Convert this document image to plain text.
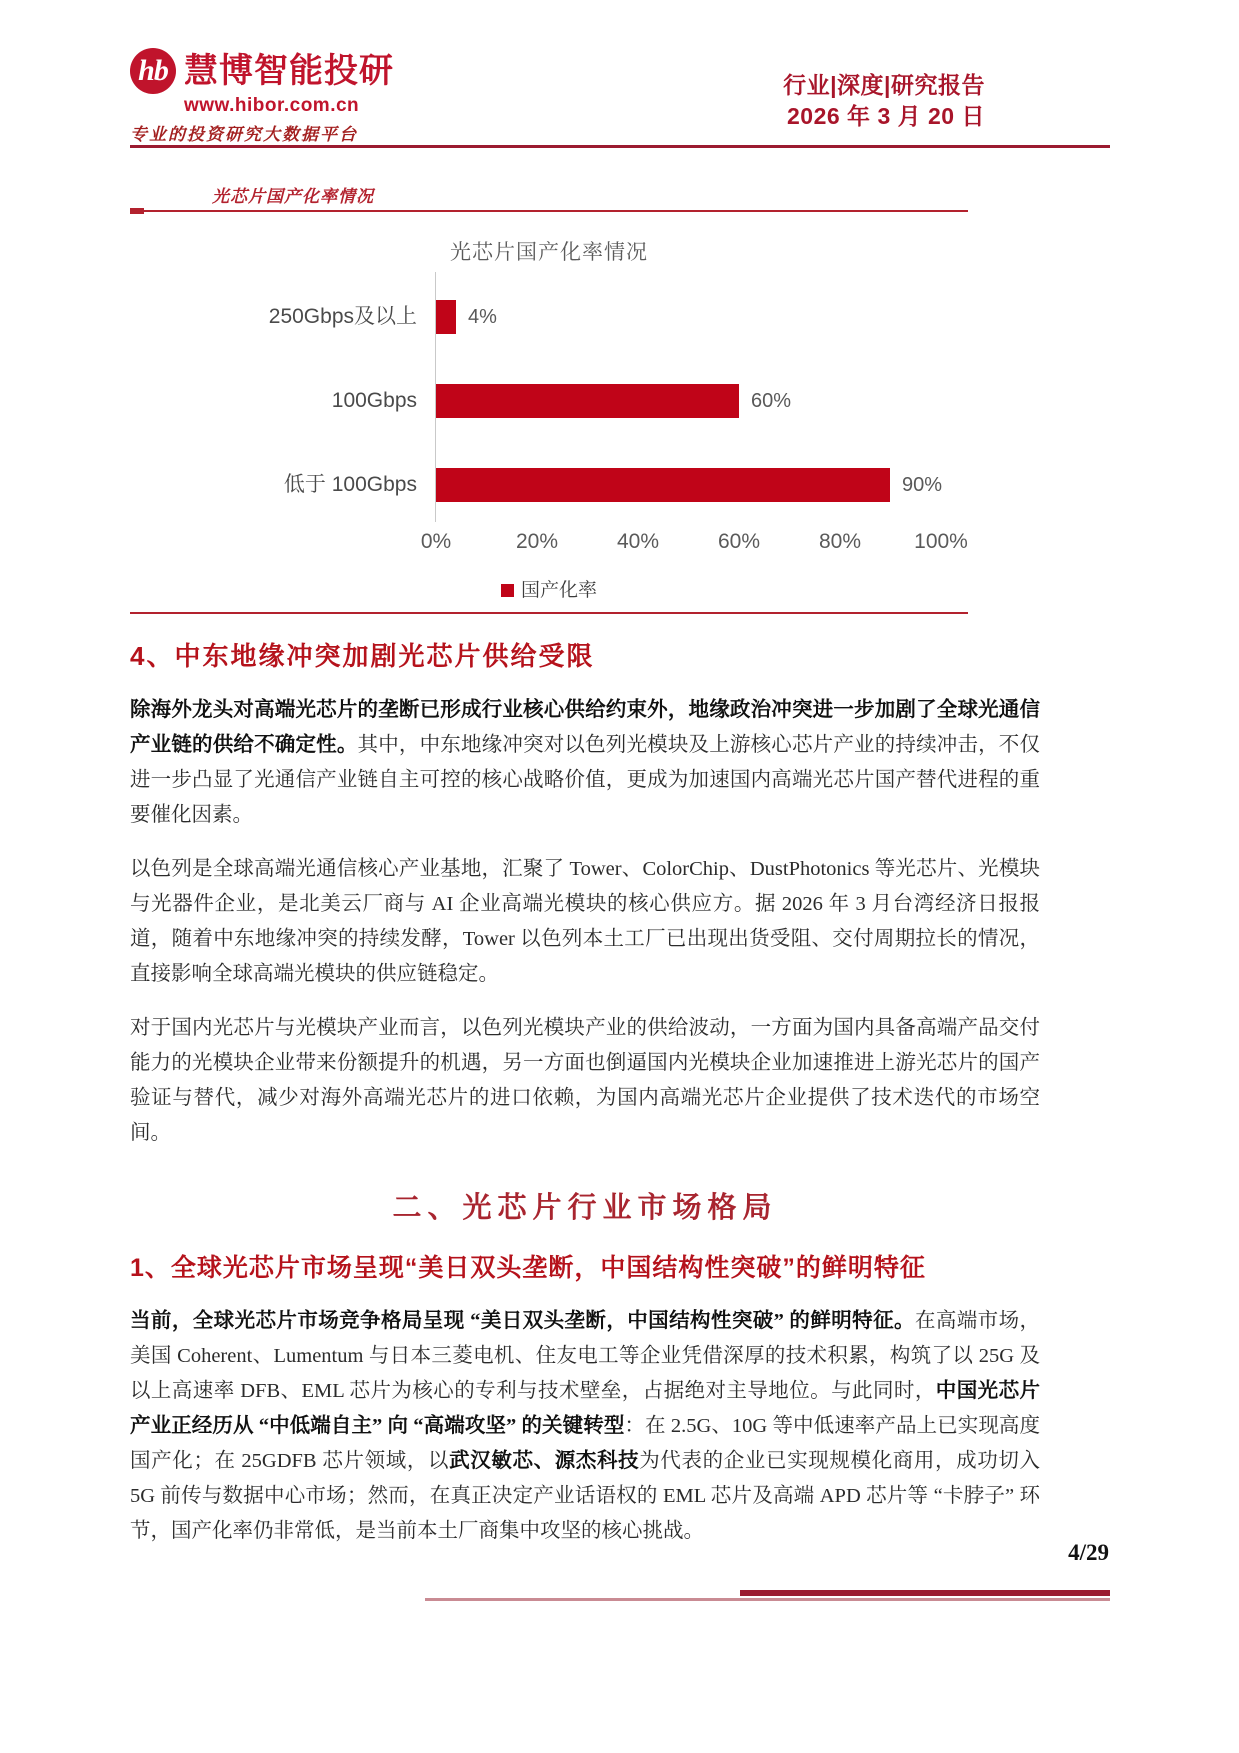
hb 慧博智能投研
www.hibor.com.cn
专业的投资研究大数据平台
行业|深度|研究报告
2026 年 3 月 20 日
光芯片国产化率情况
光芯片国产化率情况
250Gbps及以上	4%
100Gbps	60%
低于 100Gbps	90%
0%	20%	40%	60%	80%	100%
国产化率
4、中东地缘冲突加剧光芯片供给受限

除海外龙头对高端光芯片的垄断已形成行业核心供给约束外，地缘政治冲突进一步加剧了全球光通信产业链的供给不确定性。其中，中东地缘冲突对以色列光模块及上游核心芯片产业的持续冲击，不仅进一步凸显了光通信产业链自主可控的核心战略价值，更成为加速国内高端光芯片国产替代进程的重要催化因素。

以色列是全球高端光通信核心产业基地，汇聚了 Tower、ColorChip、DustPhotonics 等光芯片、光模块与光器件企业，是北美云厂商与 AI 企业高端光模块的核心供应方。据 2026 年 3 月台湾经济日报报道，随着中东地缘冲突的持续发酵，Tower 以色列本土工厂已出现出货受阻、交付周期拉长的情况，直接影响全球高端光模块的供应链稳定。

对于国内光芯片与光模块产业而言，以色列光模块产业的供给波动，一方面为国内具备高端产品交付能力的光模块企业带来份额提升的机遇，另一方面也倒逼国内光模块企业加速推进上游光芯片的国产验证与替代，减少对海外高端光芯片的进口依赖，为国内高端光芯片企业提供了技术迭代的市场空间。

二、光芯片行业市场格局
1、全球光芯片市场呈现“美日双头垄断，中国结构性突破”的鲜明特征

当前，全球光芯片市场竞争格局呈现 “美日双头垄断，中国结构性突破” 的鲜明特征。在高端市场，美国 Coherent、Lumentum 与日本三菱电机、住友电工等企业凭借深厚的技术积累，构筑了以 25G 及以上高速率 DFB、EML 芯片为核心的专利与技术壁垒，占据绝对主导地位。与此同时，中国光芯片产业正经历从 “中低端自主” 向 “高端攻坚” 的关键转型：在 2.5G、10G 等中低速率产品上已实现高度国产化；在 25GDFB 芯片领域，以武汉敏芯、源杰科技为代表的企业已实现规模化商用，成功切入 5G 前传与数据中心市场；然而，在真正决定产业话语权的 EML 芯片及高端 APD 芯片等 “卡脖子” 环节，国产化率仍非常低，是当前本土厂商集中攻坚的核心挑战。

4/29
